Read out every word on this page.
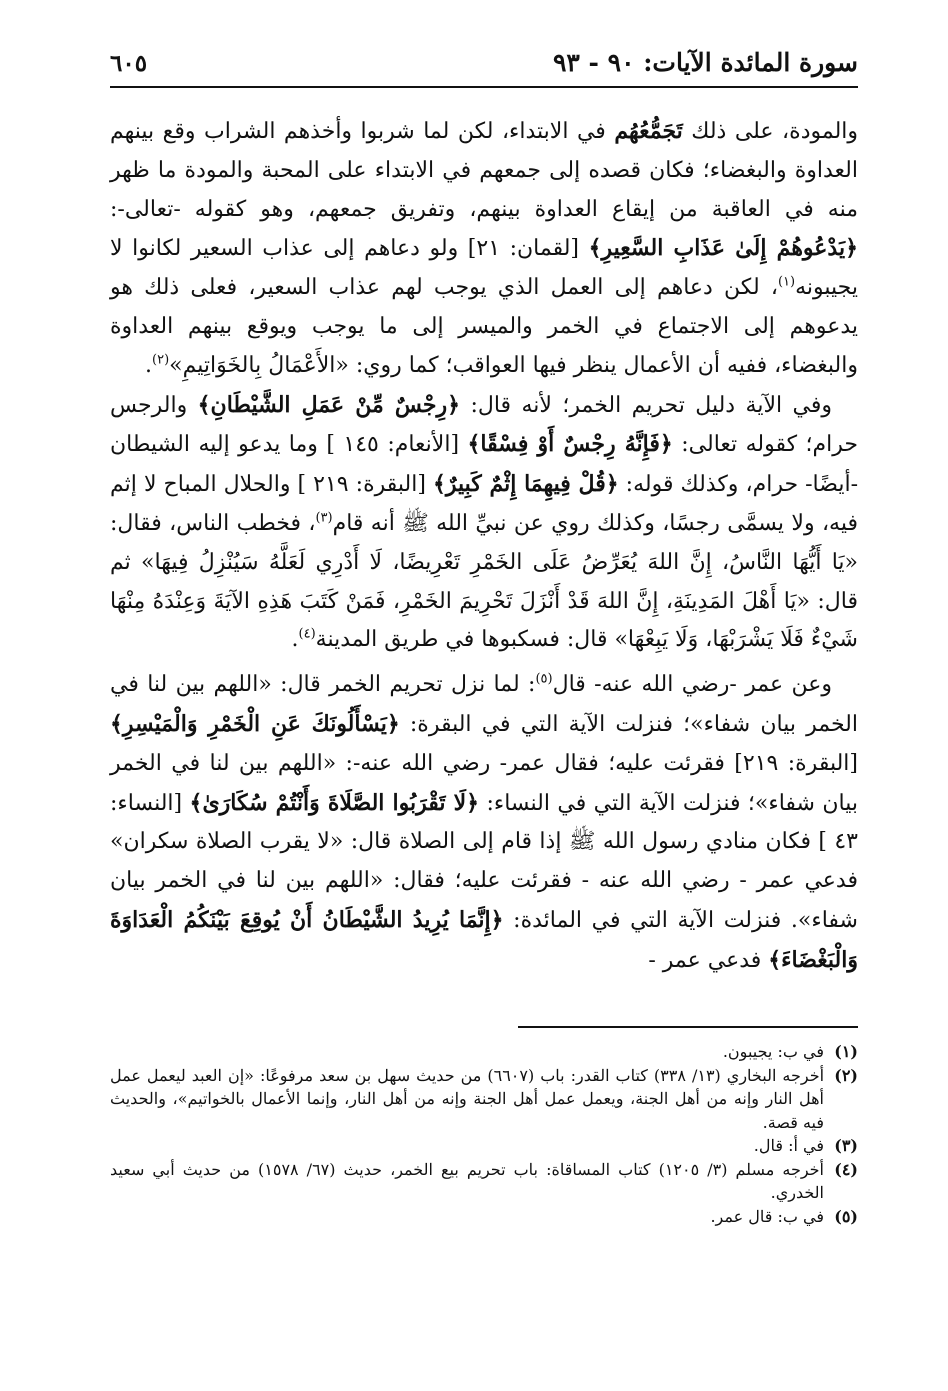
سورة المائدة الآيات: ٩٠ - ٩٣
٦٠٥

والمودة، على ذلك تَجَمُّعُهُم في الابتداء، لكن لما شربوا وأخذهم الشراب وقع بينهم العداوة والبغضاء؛ فكان قصده إلى جمعهم في الابتداء على المحبة والمودة ما ظهر منه في العاقبة من إيقاع العداوة بينهم، وتفريق جمعهم، وهو كقوله -تعالى-: ﴿يَدْعُوهُمْ إِلَىٰ عَذَابِ السَّعِيرِ﴾ [لقمان: ٢١] ولو دعاهم إلى عذاب السعير لكانوا لا يجيبونه$^{(١)}$، لكن دعاهم إلى العمل الذي يوجب لهم عذاب السعير، فعلى ذلك هو يدعوهم إلى الاجتماع في الخمر والميسر إلى ما يوجب ويوقع بينهم العداوة والبغضاء، ففيه أن الأعمال ينظر فيها العواقب؛ كما روي: «الأَعْمَالُ بِالخَوَاتِيمِ»$^{(٢)}$.

وفي الآية دليل تحريم الخمر؛ لأنه قال: ﴿رِجْسٌ مِّنْ عَمَلِ الشَّيْطَانِ﴾ والرجس حرام؛ كقوله تعالى: ﴿فَإِنَّهُ رِجْسٌ أَوْ فِسْقًا﴾ [الأنعام: ١٤٥ ] وما يدعو إليه الشيطان -أيضًا- حرام، وكذلك قوله: ﴿قُلْ فِيهِمَا إِثْمٌ كَبِيرٌ﴾ [البقرة: ٢١٩ ] والحلال المباح لا إثم فيه، ولا يسمَّى رجسًا، وكذلك روي عن نبيِّ الله ﷺ أنه قام$^{(٣)}$، فخطب الناس، فقال: «يَا أَيُّهَا النَّاسُ، إِنَّ اللهَ يُعَرِّضُ عَلَى الخَمْرِ تَعْرِيضًا، لَا أَدْرِي لَعَلَّهُ سَيُنْزِلُ فِيهَا» ثم قال: «يَا أَهْلَ المَدِينَةِ، إِنَّ اللهَ قَدْ أَنْزَلَ تَحْرِيمَ الخَمْرِ، فَمَنْ كَتَبَ هَذِهِ الآيَةَ وَعِنْدَهُ مِنْهَا شَيْءٌ فَلَا يَشْرَبْهَا، وَلَا يَبِعْهَا» قال: فسكبوها في طريق المدينة$^{(٤)}$.

وعن عمر -رضي الله عنه- قال$^{(٥)}$: لما نزل تحريم الخمر قال: «اللهم بين لنا في الخمر بيان شفاء»؛ فنزلت الآية التي في البقرة: ﴿يَسْأَلُونَكَ عَنِ الْخَمْرِ وَالْمَيْسِرِ﴾ [البقرة: ٢١٩] فقرئت عليه؛ فقال عمر- رضي الله عنه-: «اللهم بين لنا في الخمر بيان شفاء»؛ فنزلت الآية التي في النساء: ﴿لَا تَقْرَبُوا الصَّلَاةَ وَأَنْتُمْ سُكَارَىٰ﴾ [النساء: ٤٣ ] فكان منادي رسول الله ﷺ إذا قام إلى الصلاة قال: «لا يقرب الصلاة سكران» فدعي عمر - رضي الله عنه - فقرئت عليه؛ فقال: «اللهم بين لنا في الخمر بيان شفاء». فنزلت الآية التي في المائدة: ﴿إِنَّمَا يُرِيدُ الشَّيْطَانُ أَنْ يُوقِعَ بَيْنَكُمُ الْعَدَاوَةَ وَالْبَغْضَاءَ﴾ فدعي عمر -

(١)
في ب: يجيبون.
(٢)
أخرجه البخاري (١٣/ ٣٣٨) كتاب القدر: باب (٦٦٠٧) من حديث سهل بن سعد مرفوعًا: «إن العبد ليعمل عمل أهل النار وإنه من أهل الجنة، ويعمل عمل أهل الجنة وإنه من أهل النار، وإنما الأعمال بالخواتيم»، والحديث فيه قصة.
(٣)
في أ: قال.
(٤)
أخرجه مسلم (٣/ ١٢٠٥) كتاب المساقاة: باب تحريم بيع الخمر، حديث (٦٧/ ١٥٧٨) من حديث أبي سعيد الخدري.
(٥)
في ب: قال عمر.
